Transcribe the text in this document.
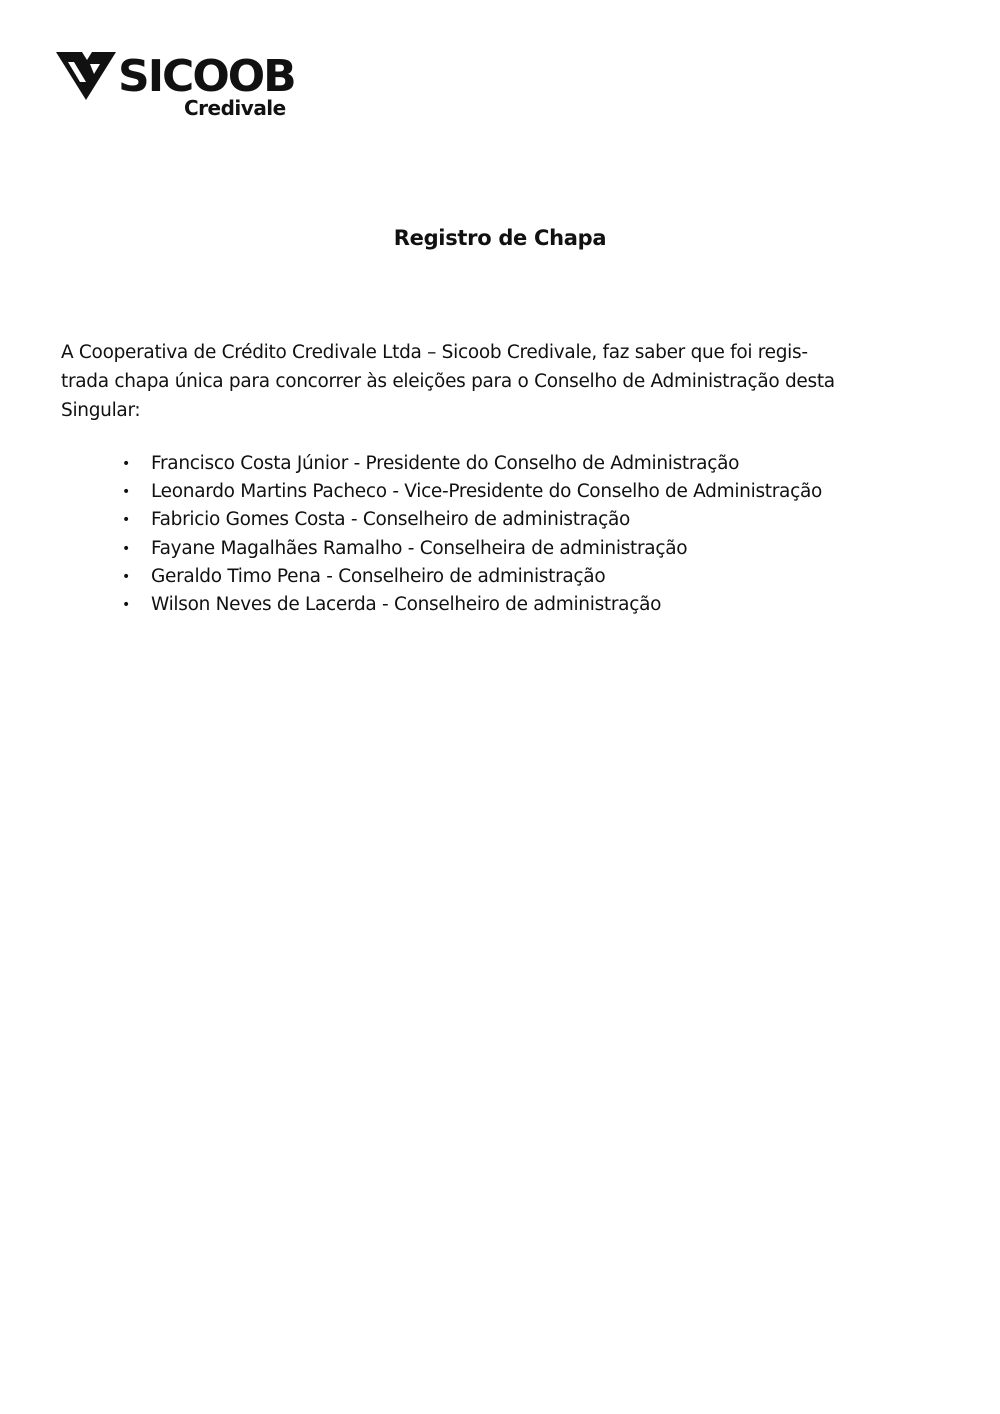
SICOOB
Credivale
Registro de Chapa
A Cooperativa de Crédito Credivale Ltda – Sicoob Credivale, faz saber que foi regis-
trada chapa única para concorrer às eleições para o Conselho de Administração desta
Singular:
• Francisco Costa Júnior - Presidente do Conselho de Administração
• Leonardo Martins Pacheco - Vice-Presidente do Conselho de Administração
• Fabricio Gomes Costa - Conselheiro de administração
• Fayane Magalhães Ramalho - Conselheira de administração
• Geraldo Timo Pena - Conselheiro de administração
• Wilson Neves de Lacerda - Conselheiro de administração
